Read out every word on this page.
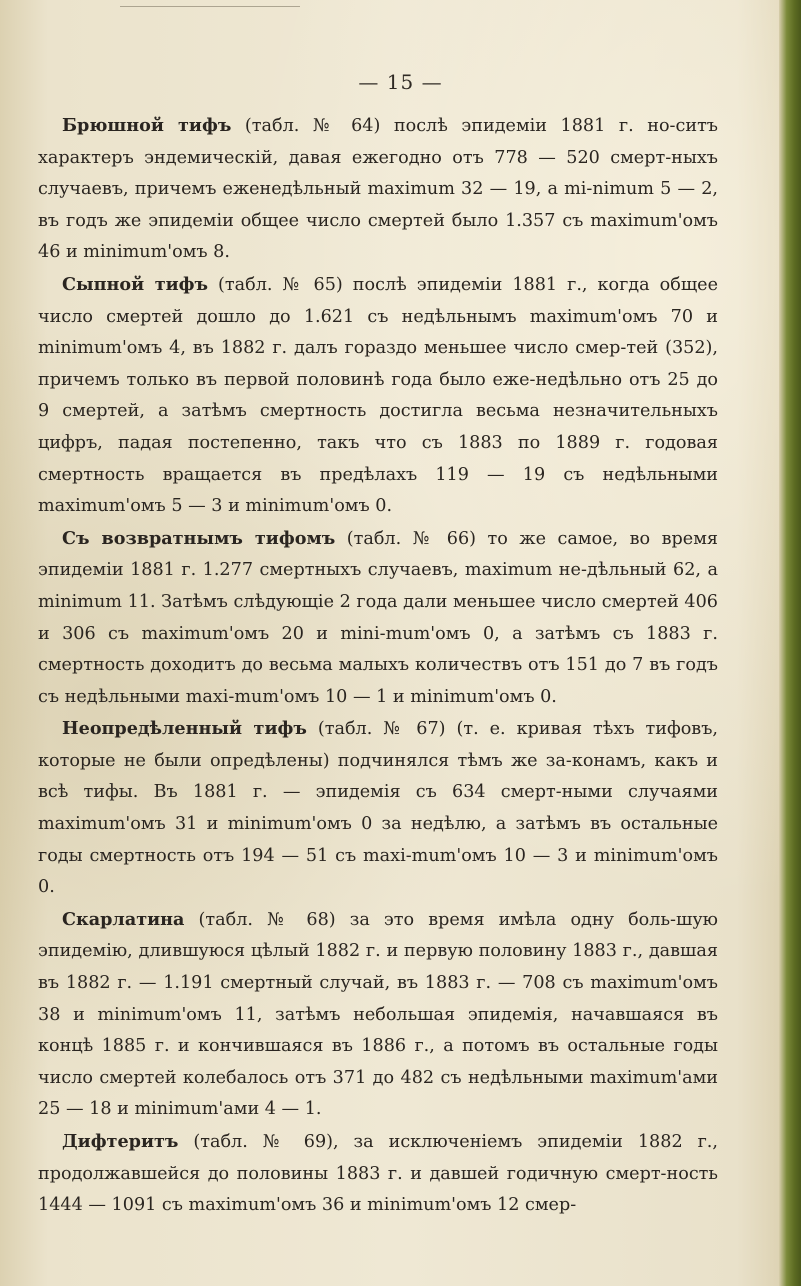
— 15 —

Брюшной тифъ (табл. № 64) послѣ эпидеміи 1881 г. но-ситъ характеръ эндемическій, давая ежегодно отъ 778 — 520 смерт-ныхъ случаевъ, причемъ еженедѣльный maximum 32 — 19, а mi-nimum 5 — 2, въ годъ же эпидеміи общее число смертей было 1.357 съ maximum'омъ 46 и minimum'омъ 8.

Сыпной тифъ (табл. № 65) послѣ эпидеміи 1881 г., когда общее число смертей дошло до 1.621 съ недѣльнымъ maximum'омъ 70 и minimum'омъ 4, въ 1882 г. далъ гораздо меньшее число смер-тей (352), причемъ только въ первой половинѣ года было еже-недѣльно отъ 25 до 9 смертей, а затѣмъ смертность достигла весьма незначительныхъ цифръ, падая постепенно, такъ что съ 1883 по 1889 г. годовая смертность вращается въ предѣлахъ 119 — 19 съ недѣльными maximum'омъ 5 — 3 и minimum'омъ 0.

Съ возвратнымъ тифомъ (табл. № 66) то же самое, во время эпидеміи 1881 г. 1.277 смертныхъ случаевъ, maximum не-дѣльный 62, а minimum 11. Затѣмъ слѣдующіе 2 года дали меньшее число смертей 406 и 306 съ maximum'омъ 20 и mini-mum'омъ 0, а затѣмъ съ 1883 г. смертность доходитъ до весьма малыхъ количествъ отъ 151 до 7 въ годъ съ недѣльными maxi-mum'омъ 10 — 1 и minimum'омъ 0.

Неопредѣленный тифъ (табл. № 67) (т. е. кривая тѣхъ тифовъ, которые не были опредѣлены) подчинялся тѣмъ же за-конамъ, какъ и всѣ тифы. Въ 1881 г. — эпидемія съ 634 смерт-ными случаями maximum'омъ 31 и minimum'омъ 0 за недѣлю, а затѣмъ въ остальные годы смертность отъ 194 — 51 съ maxi-mum'омъ 10 — 3 и minimum'омъ 0.

Скарлатина (табл. № 68) за это время имѣла одну боль-шую эпидемію, длившуюся цѣлый 1882 г. и первую половину 1883 г., давшая въ 1882 г. — 1.191 смертный случай, въ 1883 г. — 708 съ maximum'омъ 38 и minimum'омъ 11, затѣмъ небольшая эпидемія, начавшаяся въ концѣ 1885 г. и кончившаяся въ 1886 г., а потомъ въ остальные годы число смертей колебалось отъ 371 до 482 съ недѣльными maximum'ами 25 — 18 и minimum'ами 4 — 1.

Дифтеритъ (табл. № 69), за исключеніемъ эпидеміи 1882 г., продолжавшейся до половины 1883 г. и давшей годичную смерт-ность 1444 — 1091 съ maximum'омъ 36 и minimum'омъ 12 смер-
